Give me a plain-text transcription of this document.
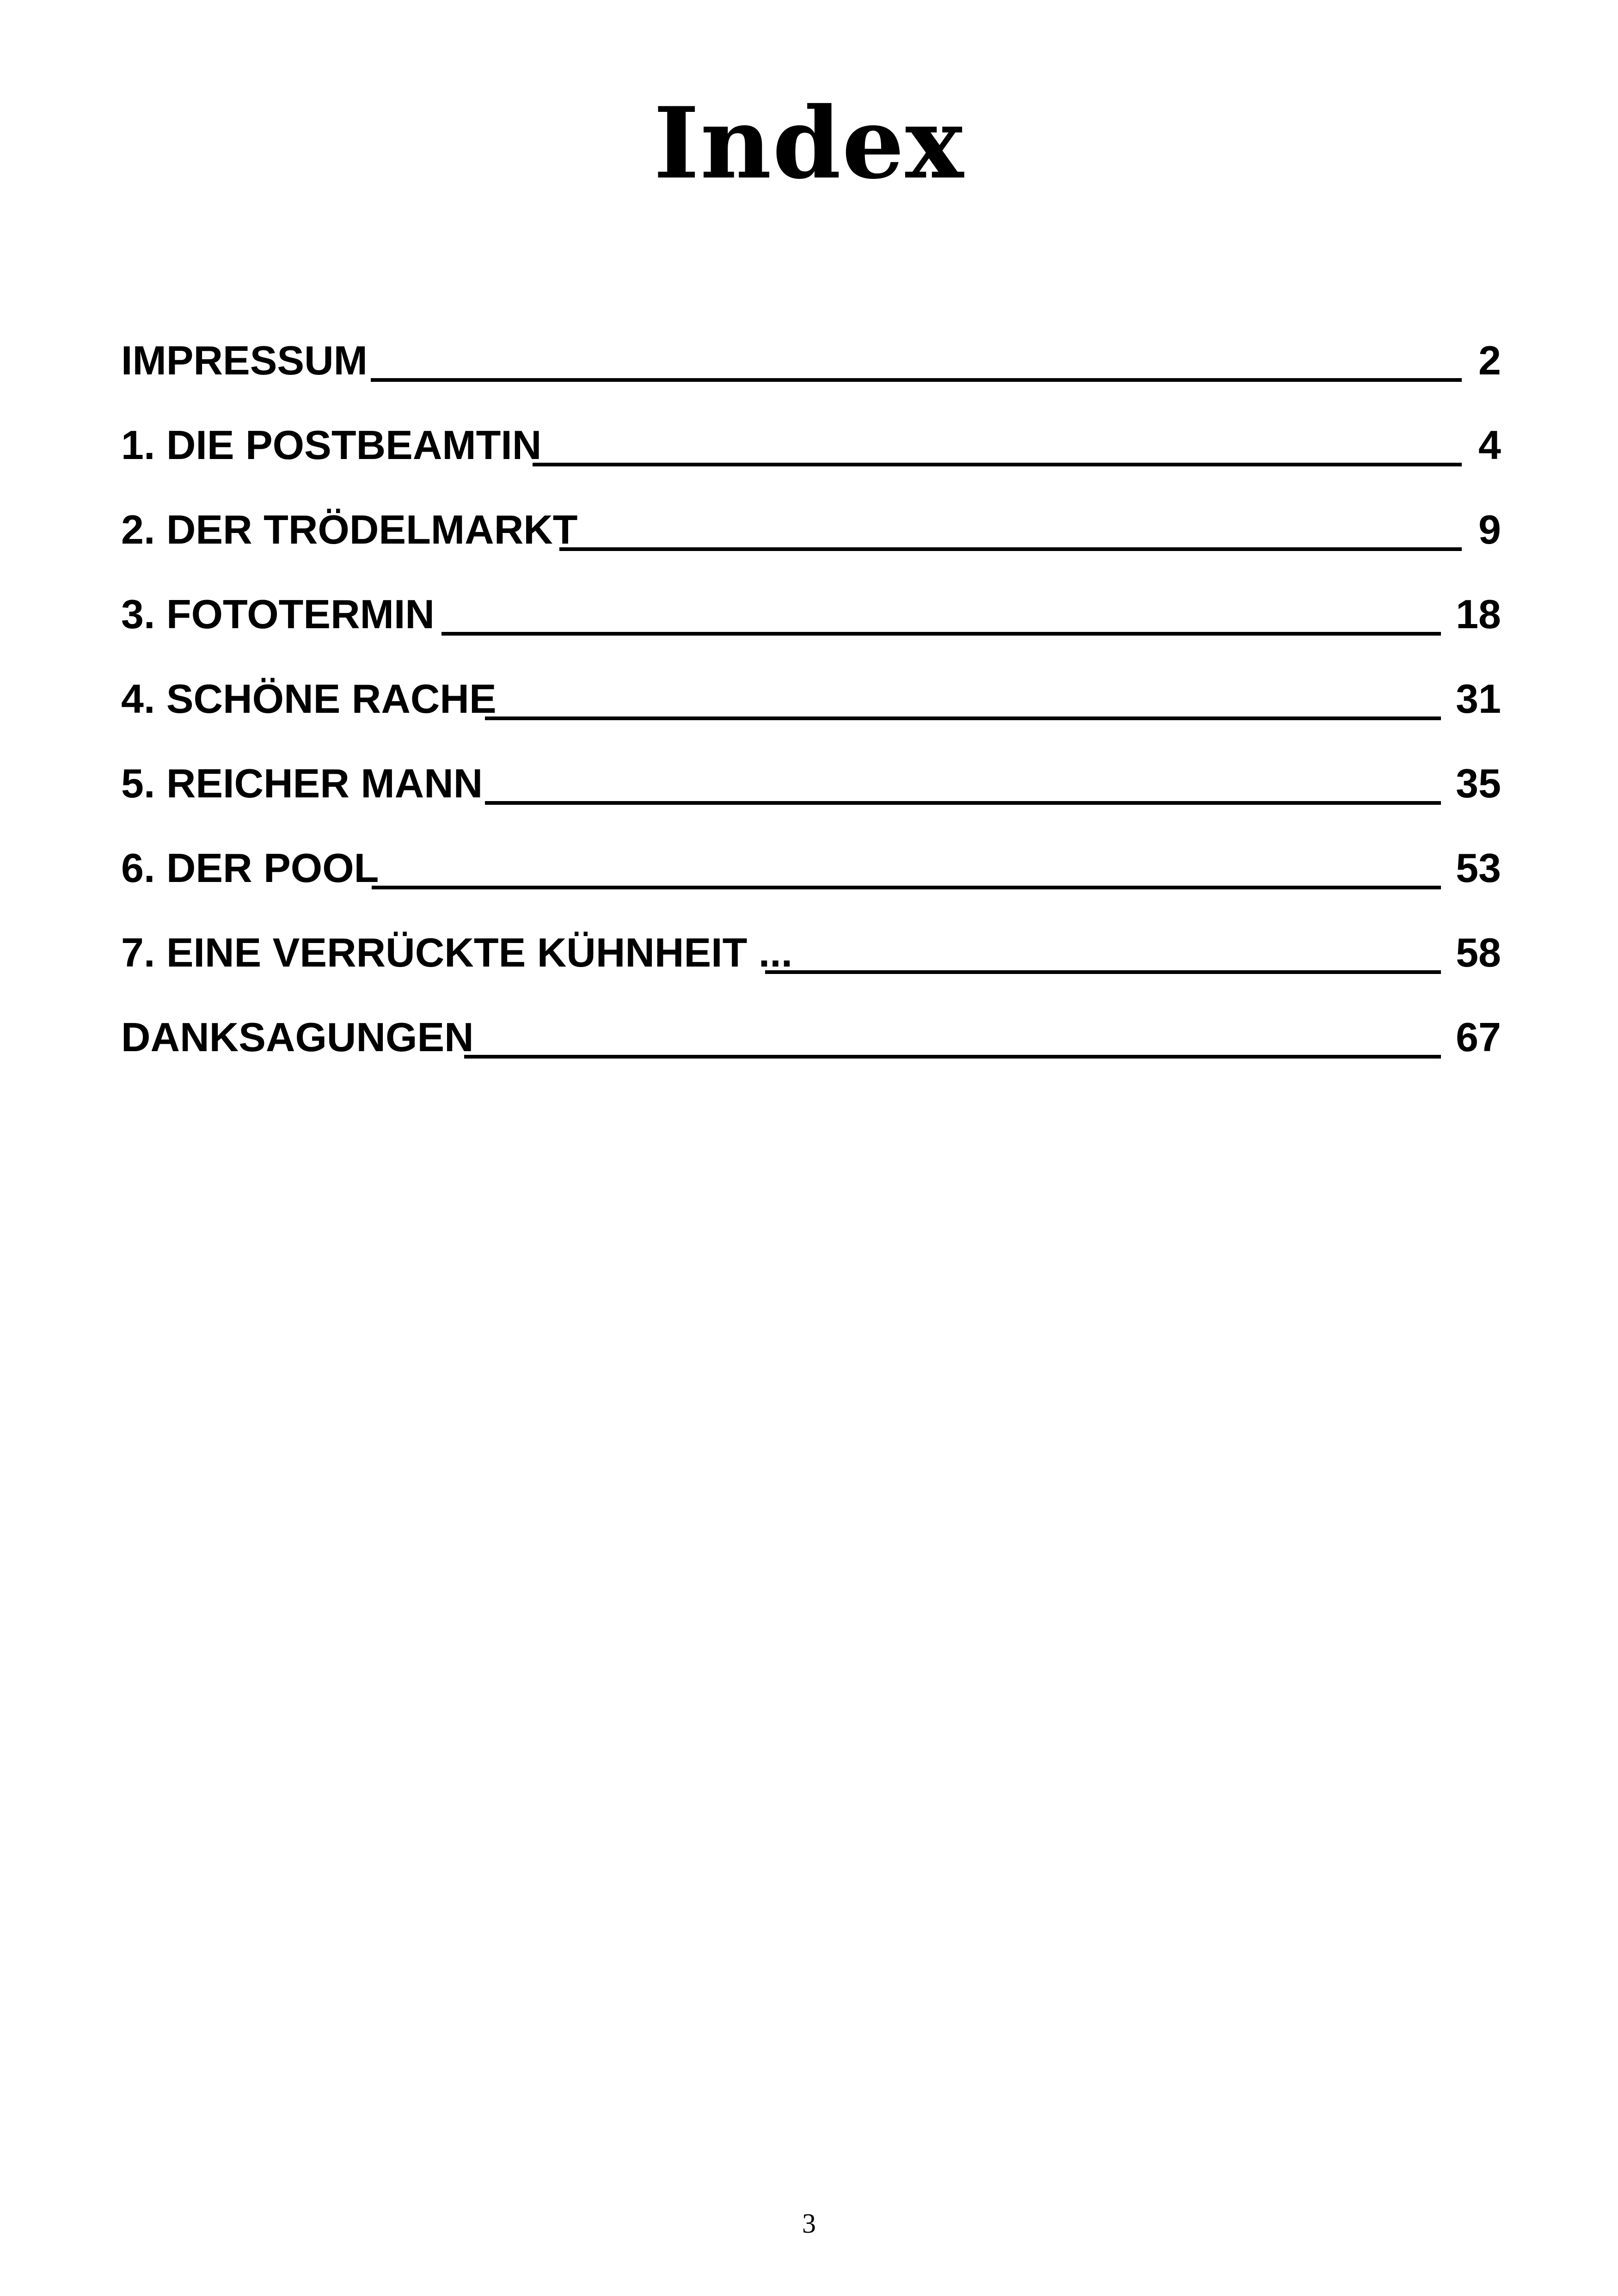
Index
IMPRESSUM	2
1. DIE POSTBEAMTIN	4
2. DER TRÖDELMARKT	9
3. FOTOTERMIN	18
4. SCHÖNE RACHE	31
5. REICHER MANN	35
6. DER POOL	53
7. EINE VERRÜCKTE KÜHNHEIT ...	58
DANKSAGUNGEN	67
3
